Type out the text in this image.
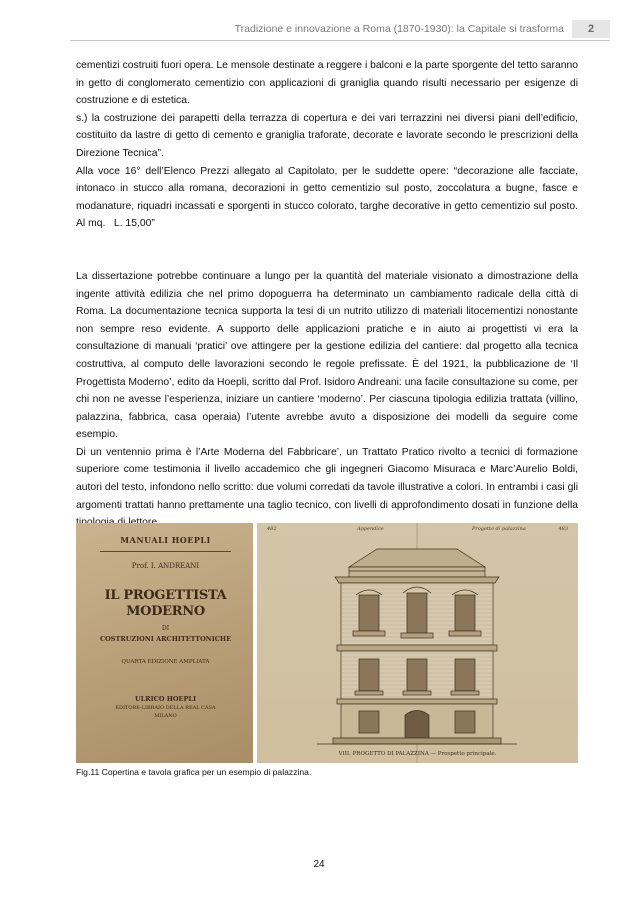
Tradizione e innovazione a Roma (1870-1930): la Capitale si trasforma	2

cementizi costruiti fuori opera. Le mensole destinate a reggere i balconi e la parte sporgente del tetto saranno in getto di conglomerato cementizio con applicazioni di graniglia quando risulti necessario per esigenze di costruzione e di estetica.

s.) la costruzione dei parapetti della terrazza di copertura e dei vari terrazzini nei diversi piani dell’edificio, costituito da lastre di getto di cemento e graniglia traforate, decorate e lavorate secondo le prescrizioni della Direzione Tecnica”.

Alla voce 16° dell’Elenco Prezzi allegato al Capitolato, per le suddette opere: “decorazione alle facciate, intonaco in stucco alla romana, decorazioni in getto cementizio sul posto, zoccolatura a bugne, fasce e modanature, riquadri incassati e sporgenti in stucco colorato, targhe decorative in getto cementizio sul posto.        Al mq.   L. 15,00”

La dissertazione potrebbe continuare a lungo per la quantità del materiale visionato a dimostrazione della ingente attività edilizia che nel primo dopoguerra ha determinato un cambiamento radicale della città di Roma. La documentazione tecnica supporta la tesi di un nutrito utilizzo di materiali litocementizi nonostante non sempre reso evidente. A supporto delle applicazioni pratiche e in aiuto ai progettisti vi era la consultazione di manuali ‘pratici’ ove attingere per la gestione edilizia del cantiere: dal progetto alla tecnica costruttiva, al computo delle lavorazioni secondo le regole prefissate. È del 1921, la pubblicazione de ‘Il Progettista Moderno’, edito da Hoepli, scritto dal Prof. Isidoro Andreani: una facile consultazione su come, per chi non ne avesse l’esperienza, iniziare un cantiere ‘moderno’. Per ciascuna tipologia edilizia trattata (villino, palazzina, fabbrica, casa operaia) l’utente avrebbe avuto a disposizione dei modelli da seguire come esempio.

Di un ventennio prima è l’Arte Moderna del Fabbricare’, un Trattato Pratico rivolto a tecnici di formazione superiore come testimonia il livello accademico che gli ingegneri Giacomo Misuraca e Marc’Aurelio Boldi, autori del testo, infondono nello scritto: due volumi corredati da tavole illustrative a colori. In entrambi i casi gli argomenti trattati hanno prettamente una taglio tecnico, con livelli di approfondimento dosati in funzione della

MANUALI HOEPLI
Prof. I. ANDREANI
IL PROGETTISTA MODERNO
DI
COSTRUZIONI ARCHITETTONICHE
QUARTA EDIZIONE AMPLIATA
ULRICO HOEPLI
EDITORE-LIBRAIO DELLA REAL CASA
MILANO
482	Appendice	Progetto di palazzina	483
VIII. PROGETTO DI PALAZZINA — Prospetto principale.
Fig.11 Copertina e tavola grafica per un esempio di palazzina.
24
